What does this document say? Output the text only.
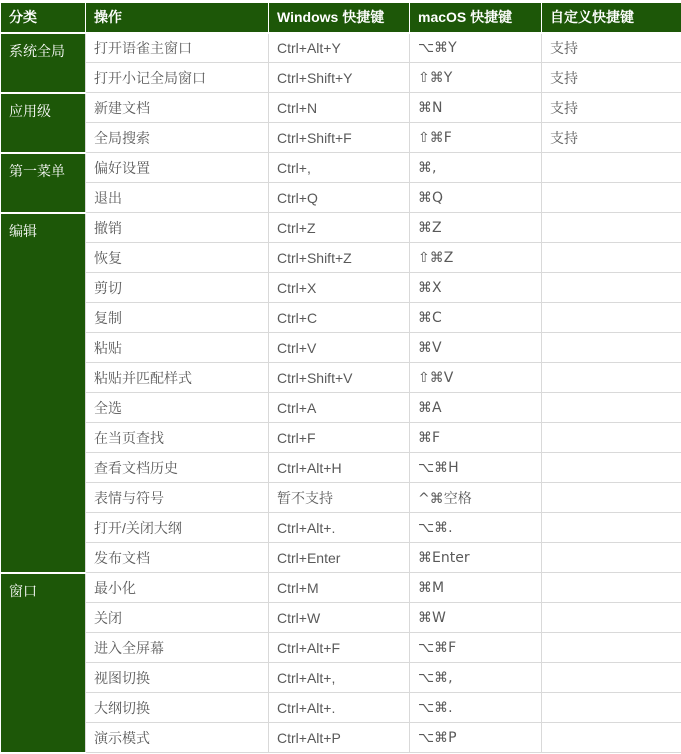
分类	操作	Windows 快捷键	macOS 快捷键	自定义快捷键
系统全局	打开语雀主窗口	Ctrl+Alt+Y	⌥⌘Y	支持
	打开小记全局窗口	Ctrl+Shift+Y	⇧⌘Y	支持
应用级	新建文档	Ctrl+N	⌘N	支持
	全局搜索	Ctrl+Shift+F	⇧⌘F	支持
第一菜单	偏好设置	Ctrl+,	⌘,	
	退出	Ctrl+Q	⌘Q	
编辑	撤销	Ctrl+Z	⌘Z	
	恢复	Ctrl+Shift+Z	⇧⌘Z	
	剪切	Ctrl+X	⌘X	
	复制	Ctrl+C	⌘C	
	粘贴	Ctrl+V	⌘V	
	粘贴并匹配样式	Ctrl+Shift+V	⇧⌘V	
	全选	Ctrl+A	⌘A	
	在当页查找	Ctrl+F	⌘F	
	查看文档历史	Ctrl+Alt+H	⌥⌘H	
	表情与符号	暂不支持	^⌘空格	
	打开/关闭大纲	Ctrl+Alt+.	⌥⌘.	
	发布文档	Ctrl+Enter	⌘Enter	
窗口	最小化	Ctrl+M	⌘M	
	关闭	Ctrl+W	⌘W	
	进入全屏幕	Ctrl+Alt+F	⌥⌘F	
	视图切换	Ctrl+Alt+,	⌥⌘,	
	大纲切换	Ctrl+Alt+.	⌥⌘.	
	演示模式	Ctrl+Alt+P	⌥⌘P	
